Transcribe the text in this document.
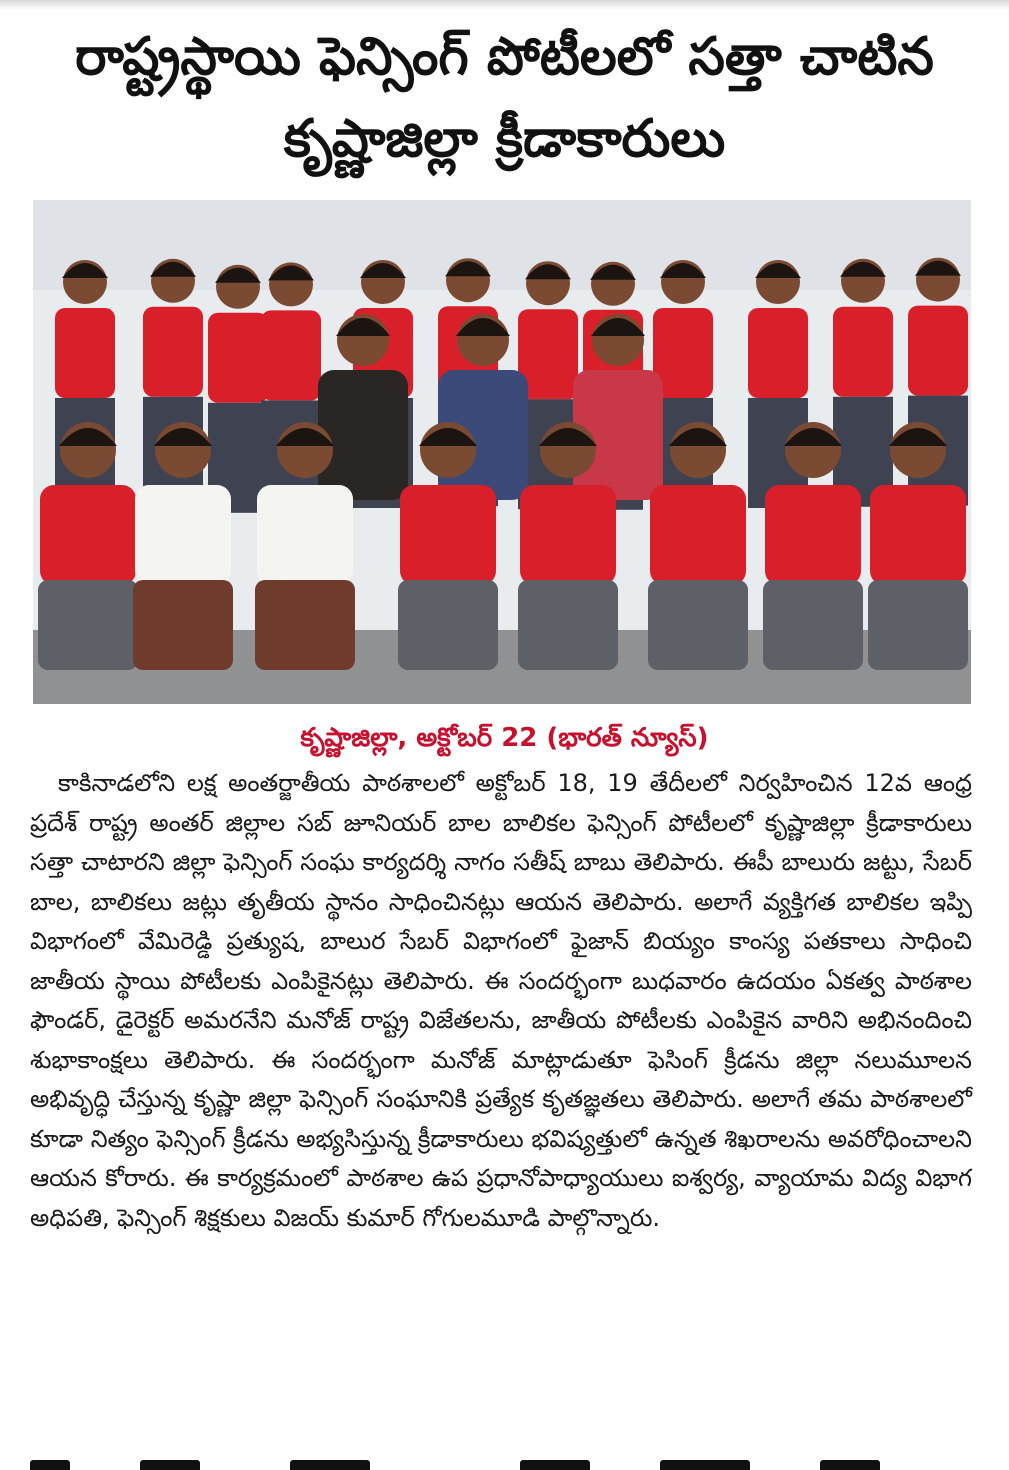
రాష్ట్రస్థాయి ఫెన్సింగ్ పోటీలలో సత్తా చాటిన
కృష్ణాజిల్లా క్రీడాకారులు

కృష్ణాజిల్లా, అక్టోబర్ 22 (భారత్ న్యూస్)

కాకినాడలోని లక్ష అంతర్జాతీయ పాఠశాలలో అక్టోబర్ 18, 19 తేదీలలో నిర్వహించిన 12వ ఆంధ్ర ప్రదేశ్ రాష్ట్ర అంతర్ జిల్లాల సబ్ జూనియర్ బాల బాలికల ఫెన్సింగ్ పోటీలలో కృష్ణాజిల్లా క్రీడాకారులు సత్తా చాటారని జిల్లా ఫెన్సింగ్ సంఘ కార్యదర్శి నాగం సతీష్ బాబు తెలిపారు. ఈపీ బాలురు జట్టు, సేబర్ బాల, బాలికలు జట్లు తృతీయ స్థానం సాధించినట్లు ఆయన తెలిపారు. అలాగే వ్యక్తిగత బాలికల ఇప్పి విభాగంలో వేమిరెడ్డి ప్రత్యుష, బాలుర సేబర్ విభాగంలో ఫైజాన్ బియ్యం కాంస్య పతకాలు సాధించి జాతీయ స్థాయి పోటీలకు ఎంపికైనట్లు తెలిపారు. ఈ సందర్భంగా బుధవారం ఉదయం ఏకత్వ పాఠశాల ఫౌండర్, డైరెక్టర్ అమరనేని మనోజ్ రాష్ట్ర విజేతలను, జాతీయ పోటీలకు ఎంపికైన వారిని అభినందించి శుభాకాంక్షలు తెలిపారు. ఈ సందర్భంగా మనోజ్ మాట్లాడుతూ ఫెసింగ్ క్రీడను జిల్లా నలుమూలన అభివృద్ధి చేస్తున్న కృష్ణా జిల్లా ఫెన్సింగ్ సంఘానికి ప్రత్యేక కృతజ్ఞతలు తెలిపారు. అలాగే తమ పాఠశాలలో కూడా నిత్యం ఫెన్సింగ్ క్రీడను అభ్యసిస్తున్న క్రీడాకారులు భవిష్యత్తులో ఉన్నత శిఖరాలను అవరోధించాలని ఆయన కోరారు. ఈ కార్యక్రమంలో పాఠశాల ఉప ప్రధానోపాధ్యాయులు ఐశ్వర్య, వ్యాయామ విద్య విభాగ అధిపతి, ఫెన్సింగ్ శిక్షకులు విజయ్ కుమార్ గోగులమూడి పాల్గొన్నారు.
